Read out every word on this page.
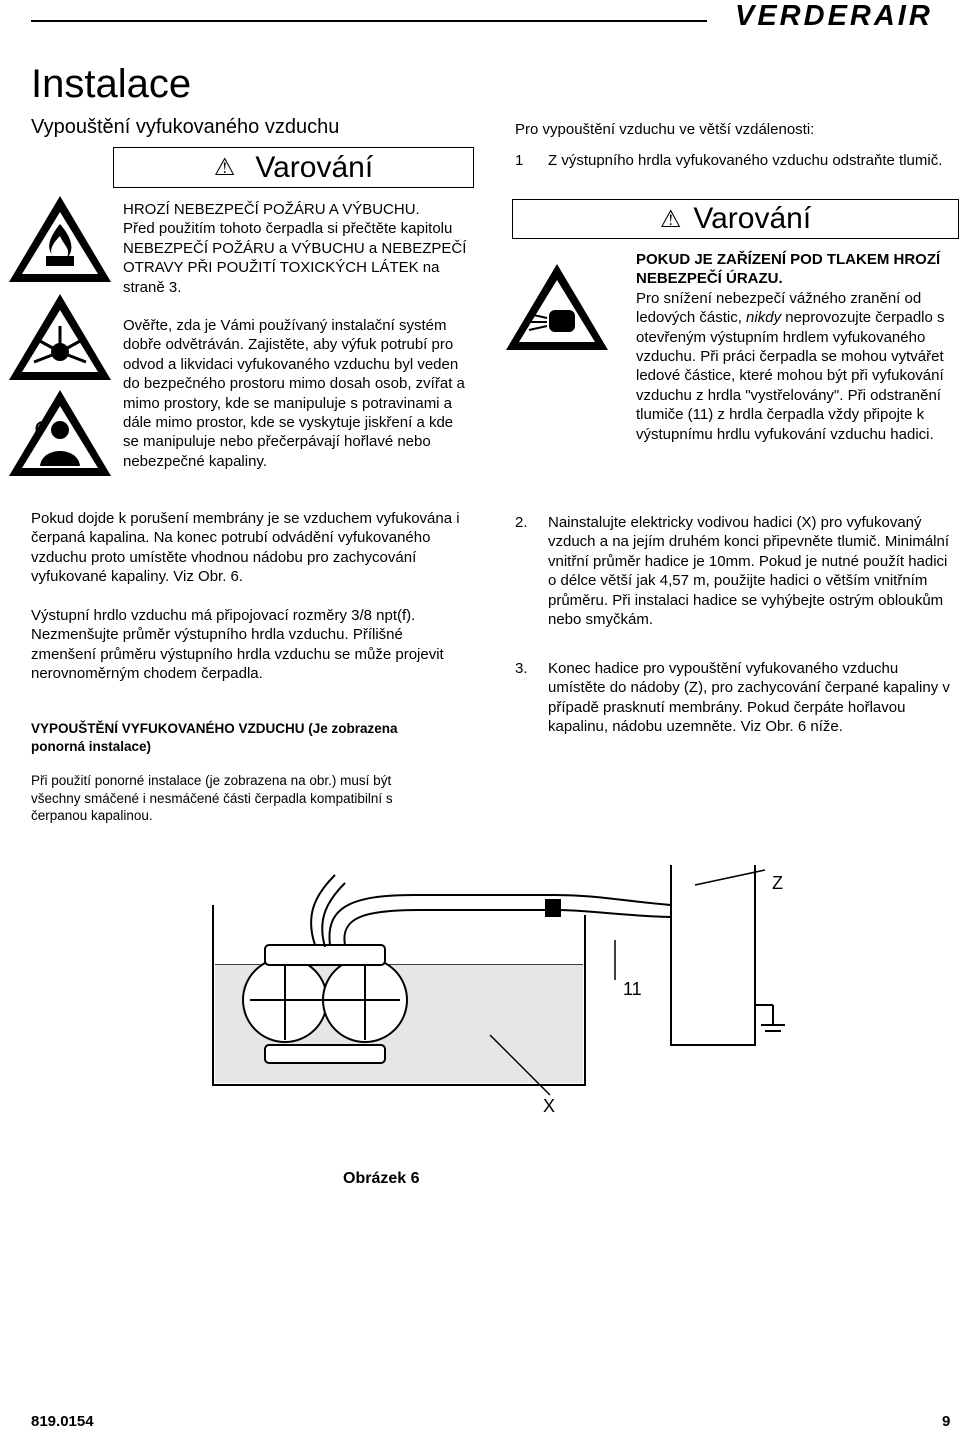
VERDERAIR
Instalace
Vypouštění vyfukovaného vzduchu
⚠ Varování
HROZÍ NEBEZPEČÍ POŽÁRU A VÝBUCHU.
Před použitím tohoto čerpadla si přečtěte kapitolu NEBEZPEČÍ POŽÁRU a VÝBUCHU a NEBEZPEČÍ OTRAVY PŘI POUŽITÍ TOXICKÝCH LÁTEK na straně 3.
Ověřte, zda je Vámi používaný instalační systém dobře odvětráván. Zajistěte, aby výfuk potrubí pro odvod a likvidaci vyfukovaného vzduchu byl veden do bezpečného prostoru mimo dosah osob, zvířat a mimo prostory, kde se manipuluje s potravinami a dále mimo prostor, kde se vyskytuje jiskření a kde se manipuluje nebo přečerpávají hořlavé nebo nebezpečné kapaliny.
Pokud dojde k porušení membrány je se vzduchem vyfukována i čerpaná kapalina. Na konec potrubí odvádění vyfukovaného vzduchu proto umístěte vhodnou nádobu pro zachycování vyfukované kapaliny. Viz Obr. 6.
Výstupní hrdlo vzduchu má připojovací rozměry 3/8 npt(f). Nezmenšujte průměr výstupního hrdla vzduchu. Přílišné zmenšení průměru výstupního hrdla vzduchu se může projevit nerovnoměrným chodem čerpadla.
VYPOUŠTĚNÍ VYFUKOVANÉHO VZDUCHU (Je zobrazena ponorná instalace)
Při použití ponorné instalace (je zobrazena na obr.) musí být všechny smáčené i nesmáčené části čerpadla kompatibilní s čerpanou kapalinou.
Pro vypouštění vzduchu ve větší vzdálenosti:
1 Z výstupního hrdla vyfukovaného vzduchu odstraňte tlumič.
⚠ Varování
POKUD JE ZAŘÍZENÍ POD TLAKEM HROZÍ NEBEZPEČÍ ÚRAZU.
Pro snížení nebezpečí vážného zranění od ledových částic, nikdy neprovozujte čerpadlo s otevřeným výstupním hrdlem vyfukovaného vzduchu. Při práci čerpadla se mohou vytvářet ledové částice, které mohou být při vyfukování vzduchu z hrdla "vystřelovány". Při odstranění tlumiče (11) z hrdla čerpadla vždy připojte k výstupnímu hrdlu vyfukování vzduchu hadici.
2. Nainstalujte elektricky vodivou hadici (X) pro vyfukovaný vzduch a na jejím druhém konci připevněte tlumič. Minimální vnitřní průměr hadice je 10mm. Pokud je nutné použít hadici o délce větší jak 4,57 m, použijte hadici o větším vnitřním průměru. Při instalaci hadice se vyhýbejte ostrým obloukům nebo smyčkám.
3. Konec hadice pro vypouštění vyfukovaného vzduchu umístěte do nádoby (Z), pro zachycování čerpané kapaliny v případě prasknutí membrány. Pokud čerpáte hořlavou kapalinu, nádobu uzemněte. Viz Obr. 6 níže.
Z
11
X
Obrázek 6
819.0154	9
